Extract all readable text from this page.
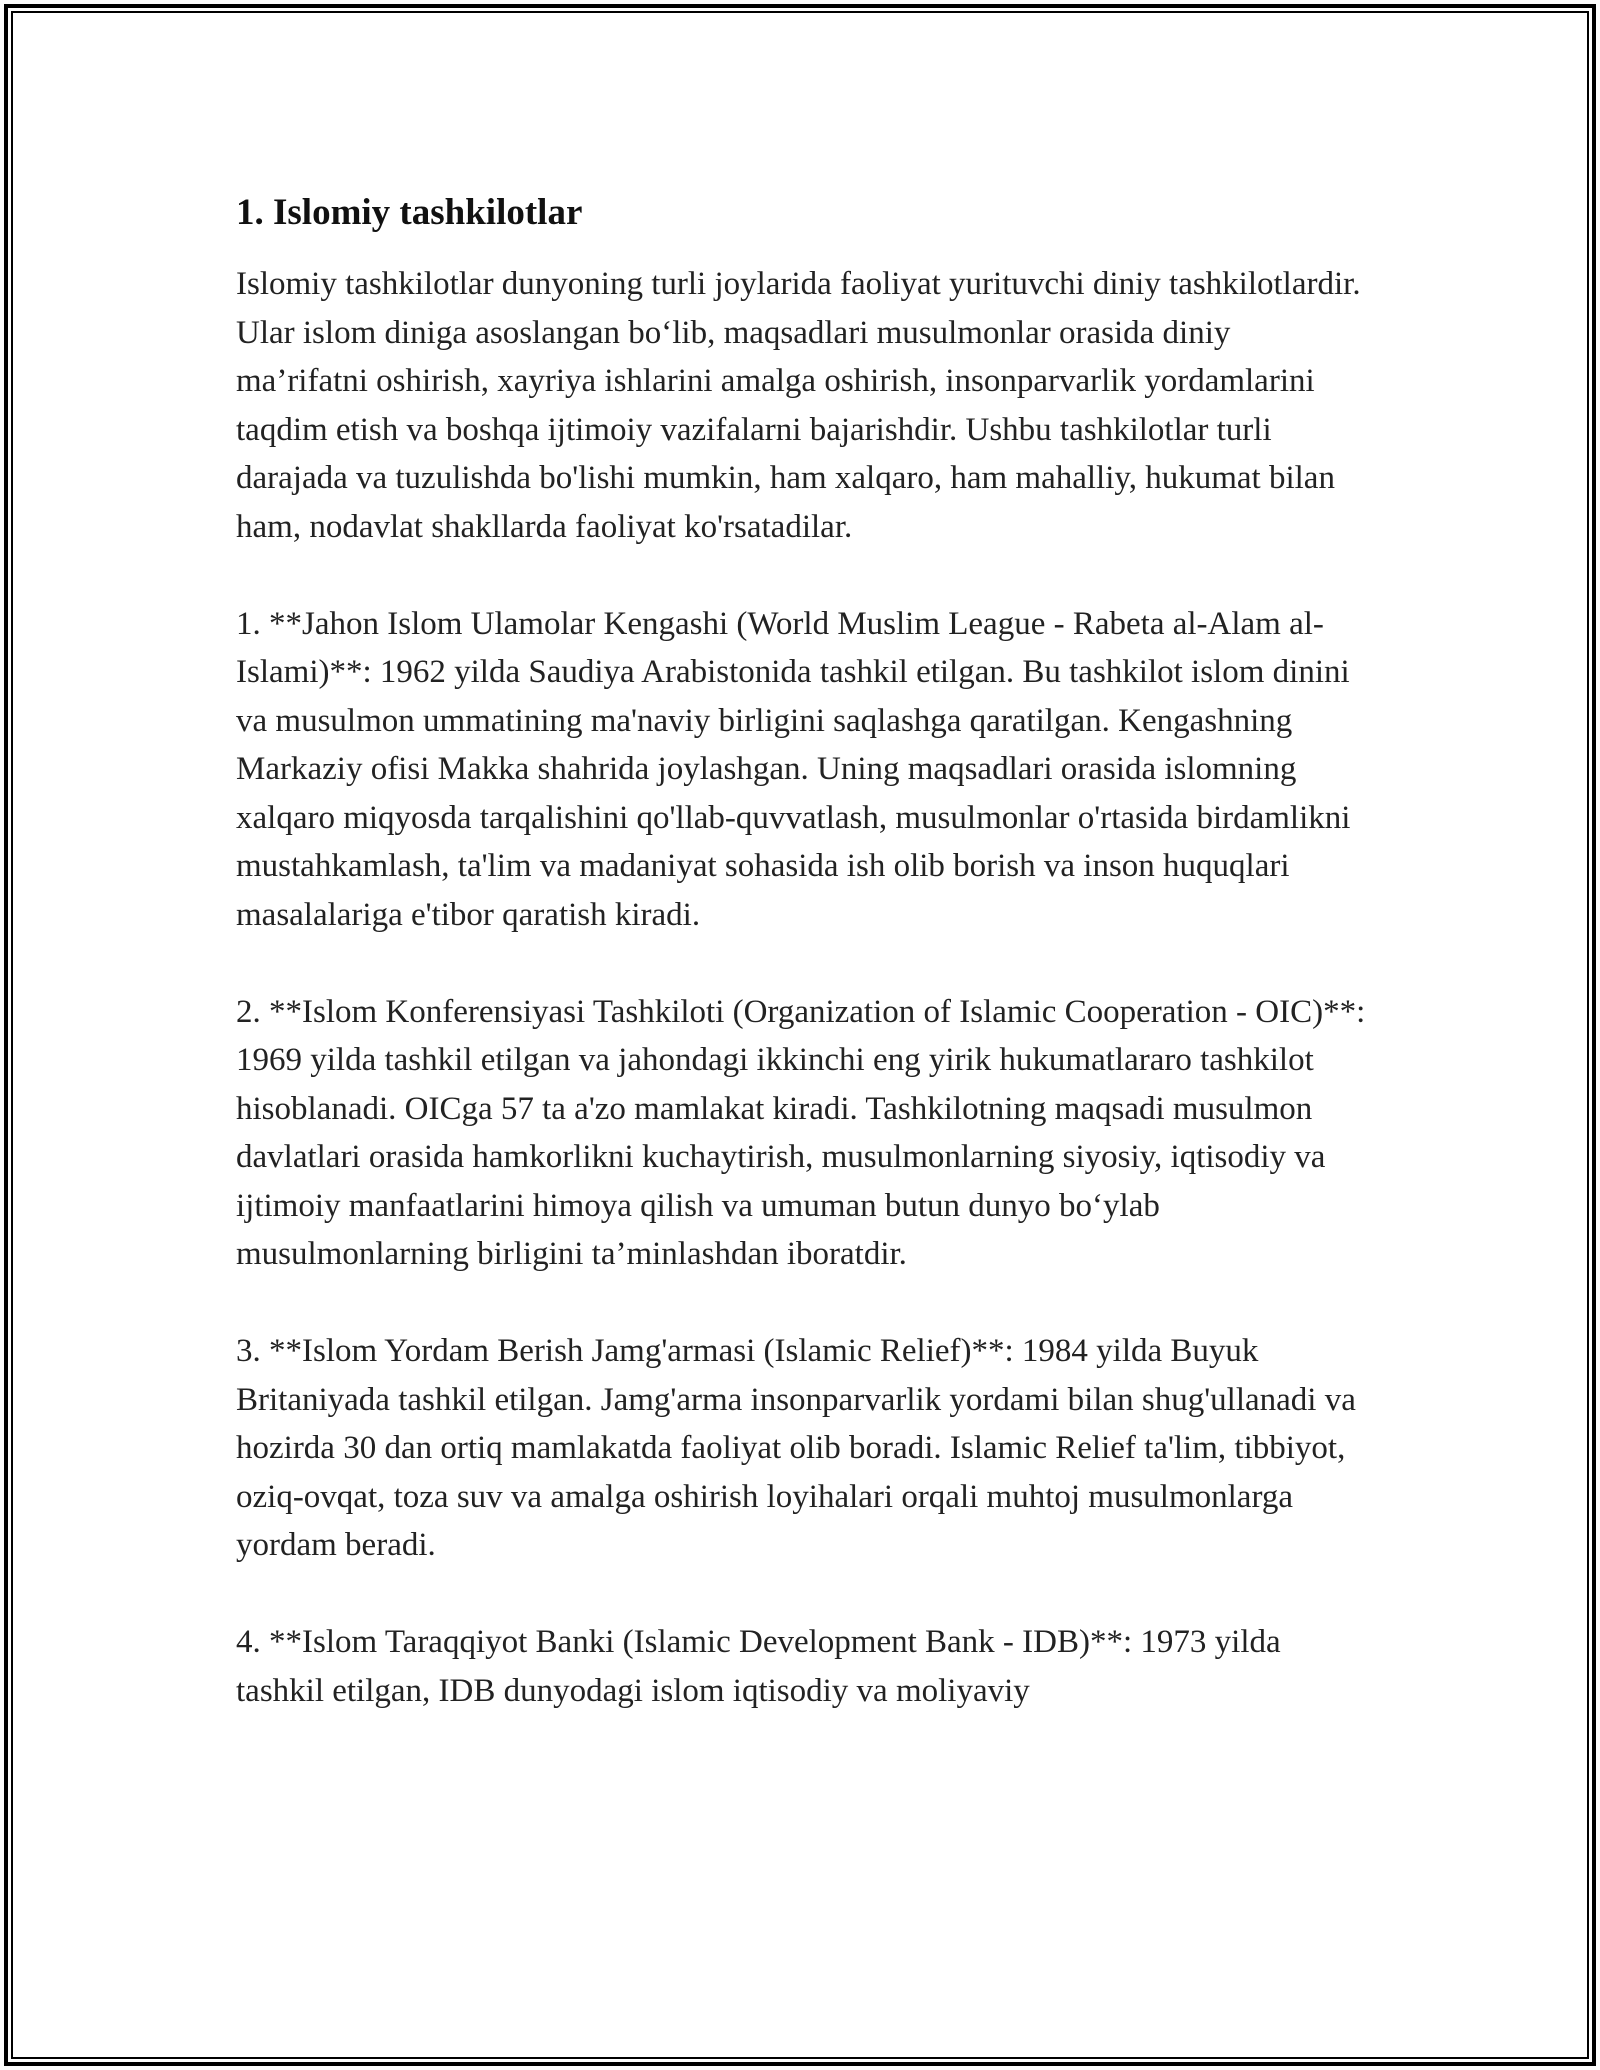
1. Islomiy tashkilotlar

Islomiy tashkilotlar dunyoning turli joylarida faoliyat yurituvchi diniy tashkilotlardir. Ular islom diniga asoslangan bo‘lib, maqsadlari musulmonlar orasida diniy ma’rifatni oshirish, xayriya ishlarini amalga oshirish, insonparvarlik yordamlarini taqdim etish va boshqa ijtimoiy vazifalarni bajarishdir. Ushbu tashkilotlar turli darajada va tuzulishda bo'lishi mumkin, ham xalqaro, ham mahalliy, hukumat bilan ham, nodavlat shakllarda faoliyat ko'rsatadilar.

1. **Jahon Islom Ulamolar Kengashi (World Muslim League - Rabeta al-Alam al-Islami)**: 1962 yilda Saudiya Arabistonida tashkil etilgan. Bu tashkilot islom dinini va musulmon ummatining ma'naviy birligini saqlashga qaratilgan. Kengashning Markaziy ofisi Makka shahrida joylashgan. Uning maqsadlari orasida islomning xalqaro miqyosda tarqalishini qo'llab-quvvatlash, musulmonlar o'rtasida birdamlikni mustahkamlash, ta'lim va madaniyat sohasida ish olib borish va inson huquqlari masalalariga e'tibor qaratish kiradi.

2. **Islom Konferensiyasi Tashkiloti (Organization of Islamic Cooperation - OIC)**: 1969 yilda tashkil etilgan va jahondagi ikkinchi eng yirik hukumatlararo tashkilot hisoblanadi. OICga 57 ta a'zo mamlakat kiradi. Tashkilotning maqsadi musulmon davlatlari orasida hamkorlikni kuchaytirish, musulmonlarning siyosiy, iqtisodiy va ijtimoiy manfaatlarini himoya qilish va umuman butun dunyo bo‘ylab musulmonlarning birligini ta’minlashdan iboratdir.

3. **Islom Yordam Berish Jamg'armasi (Islamic Relief)**: 1984 yilda Buyuk Britaniyada tashkil etilgan. Jamg'arma insonparvarlik yordami bilan shug'ullanadi va hozirda 30 dan ortiq mamlakatda faoliyat olib boradi. Islamic Relief ta'lim, tibbiyot, oziq-ovqat, toza suv va amalga oshirish loyihalari orqali muhtoj musulmonlarga yordam beradi.

4. **Islom Taraqqiyot Banki (Islamic Development Bank - IDB)**: 1973 yilda tashkil etilgan, IDB dunyodagi islom iqtisodiy va moliyaviy
